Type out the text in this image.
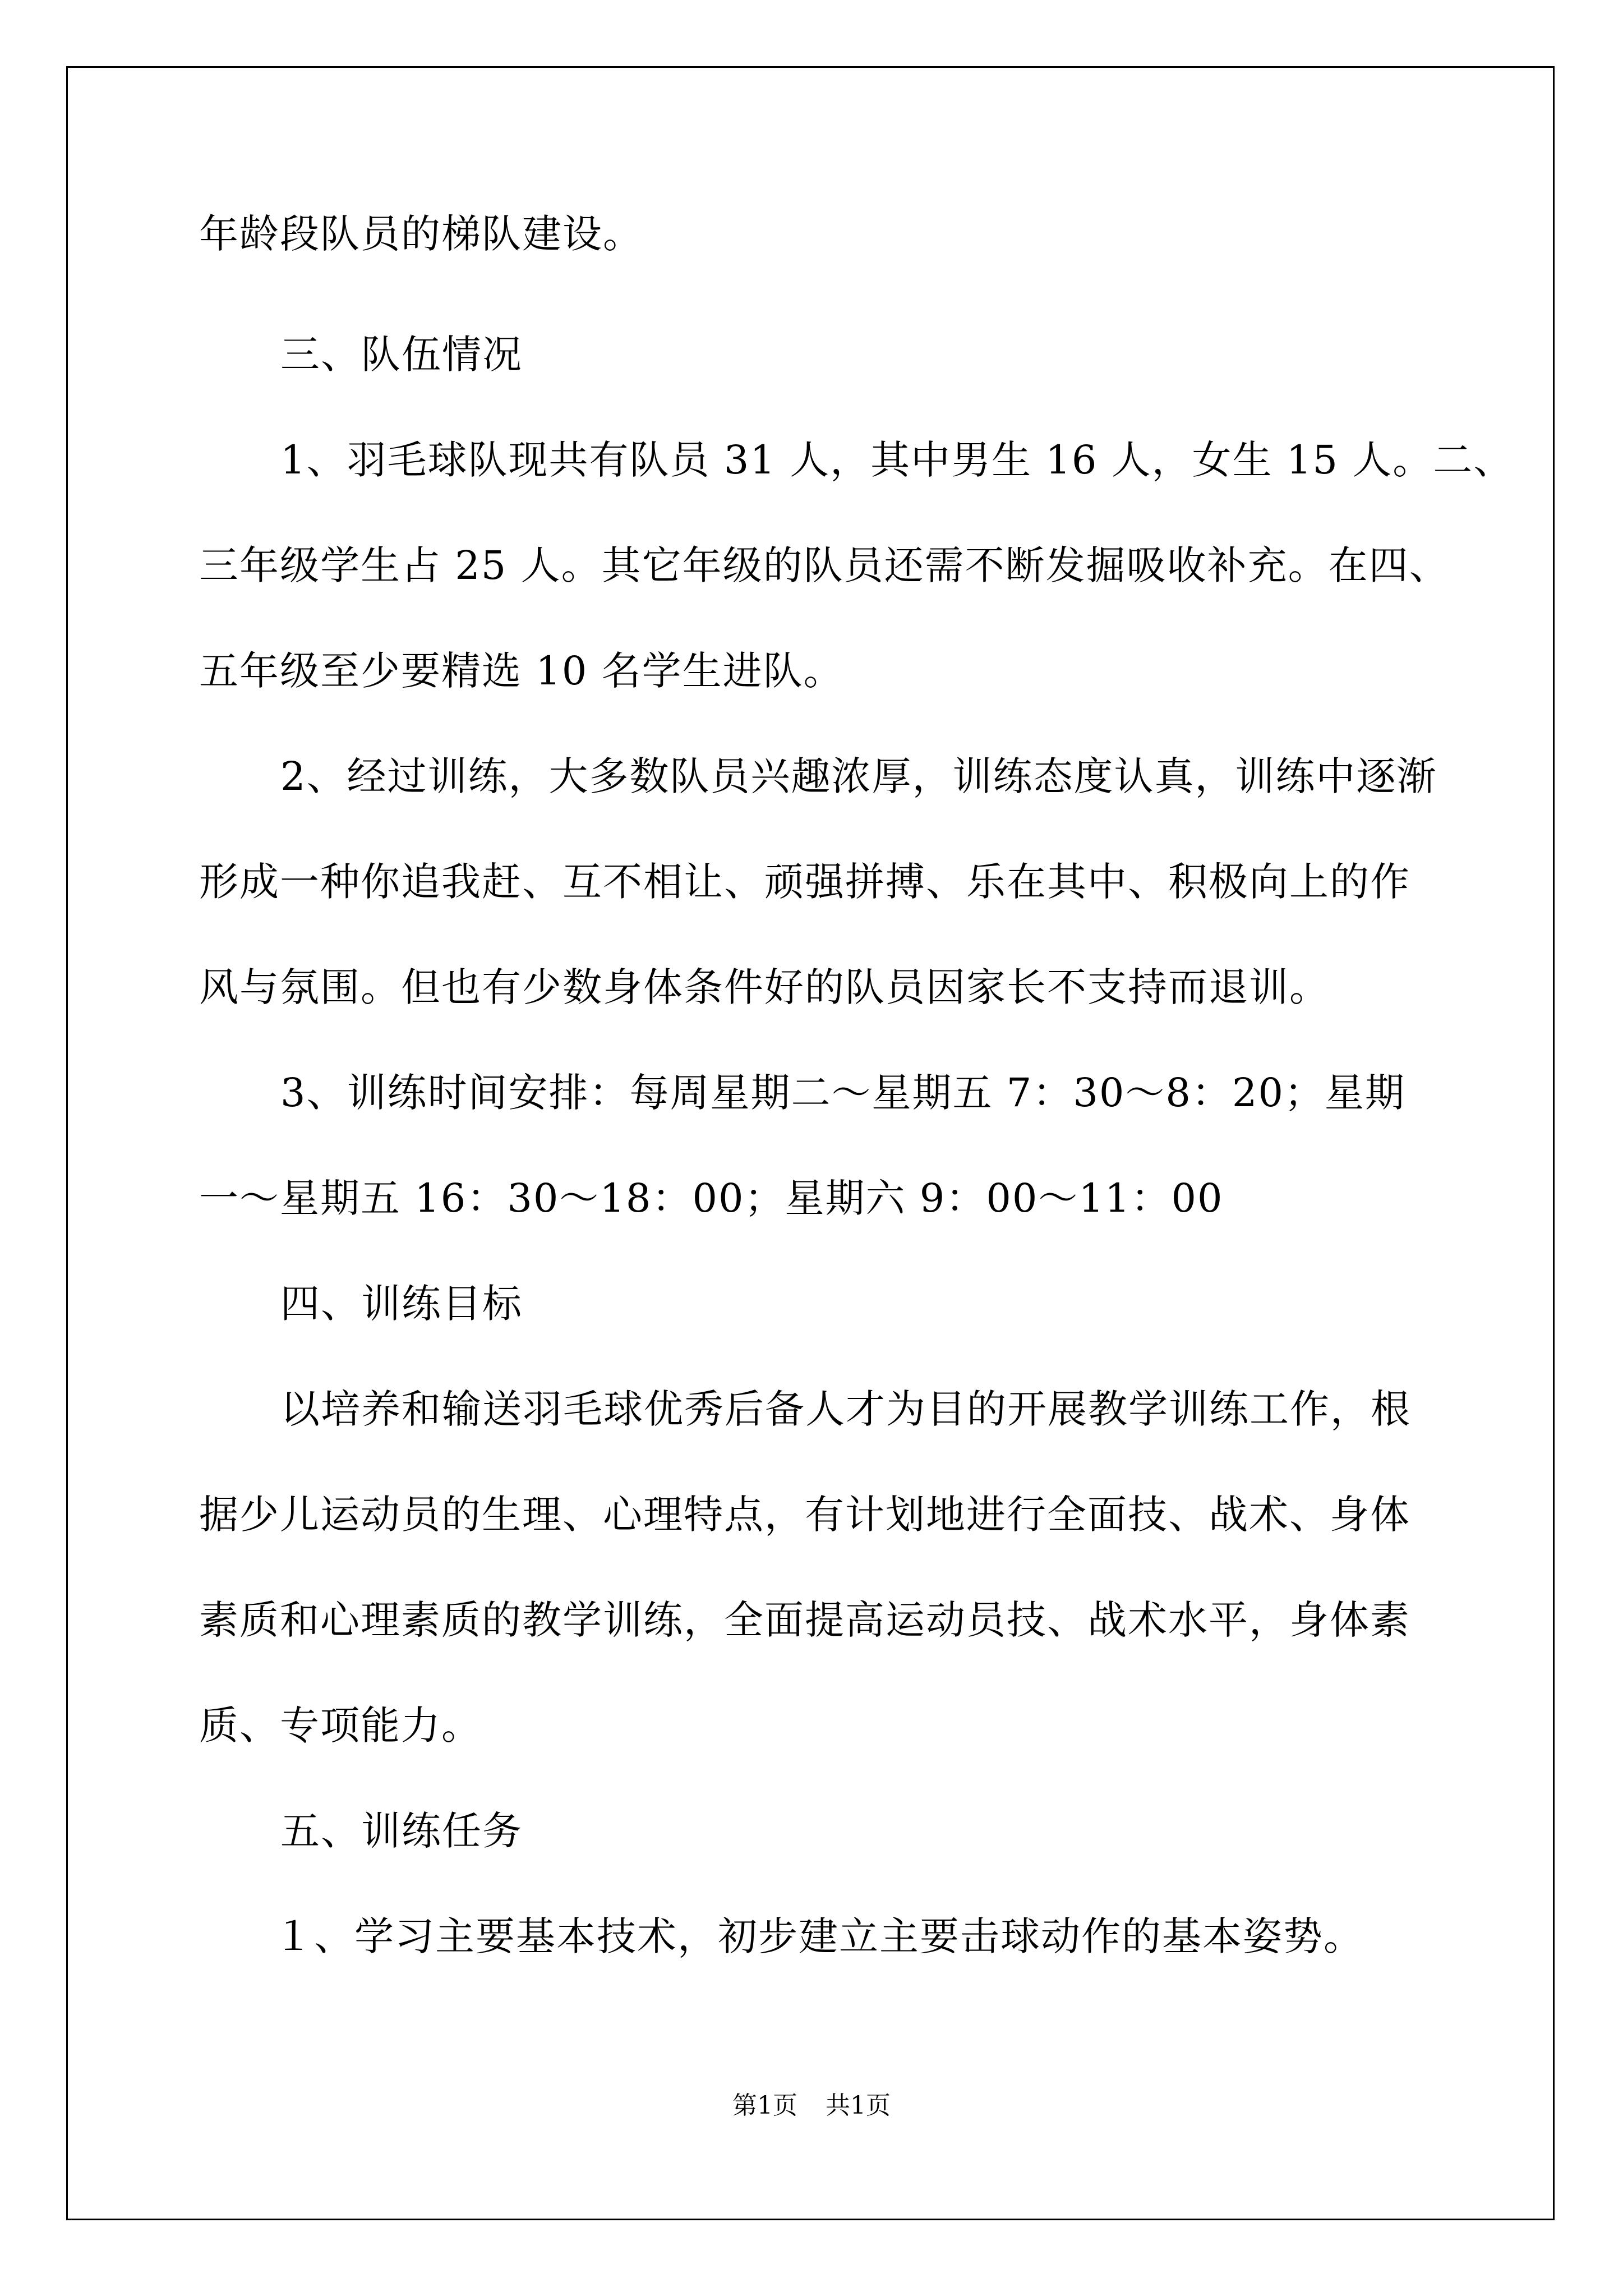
年龄段队员的梯队建设。
三、队伍情况
1、羽毛球队现共有队员 31 人，其中男生 16 人，女生 15 人。二、
三年级学生占 25 人。其它年级的队员还需不断发掘吸收补充。在四、
五年级至少要精选 10 名学生进队。
2、经过训练，大多数队员兴趣浓厚，训练态度认真，训练中逐渐
形成一种你追我赶、互不相让、顽强拼搏、乐在其中、积极向上的作
风与氛围。但也有少数身体条件好的队员因家长不支持而退训。
3、训练时间安排：每周星期二～星期五 7：30～8：20；星期
一～星期五 16：30～18：00；星期六 9：00～11：00
四、训练目标
以培养和输送羽毛球优秀后备人才为目的开展教学训练工作，根
据少儿运动员的生理、心理特点，有计划地进行全面技、战术、身体
素质和心理素质的教学训练，全面提高运动员技、战术水平，身体素
质、专项能力。
五、训练任务
１、学习主要基本技术，初步建立主要击球动作的基本姿势。
第1页 共1页
